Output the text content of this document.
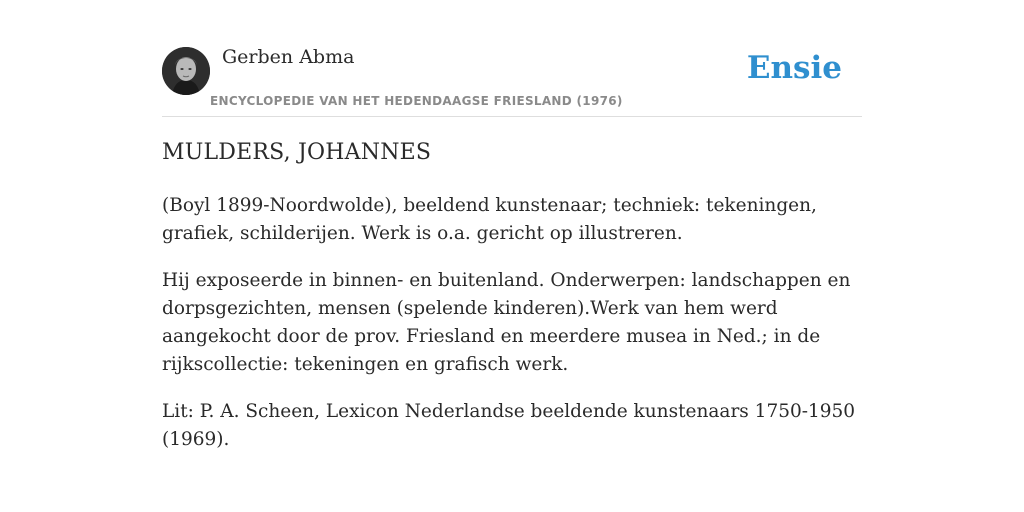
Gerben Abma
ENCYCLOPEDIE VAN HET HEDENDAAGSE FRIESLAND (1976)
Ensie
MULDERS, JOHANNES

(Boyl 1899-Noordwolde), beeldend kunstenaar; techniek: tekeningen, grafiek, schilderijen. Werk is o.a. gericht op illustreren.

Hij exposeerde in binnen- en buitenland. Onderwerpen: landschappen en dorpsgezichten, mensen (spelende kinderen).Werk van hem werd aangekocht door de prov. Friesland en meerdere musea in Ned.; in de rijkscollectie: tekeningen en grafisch werk.

Lit: P. A. Scheen, Lexicon Nederlandse beeldende kunstenaars 1750-1950 (1969).
